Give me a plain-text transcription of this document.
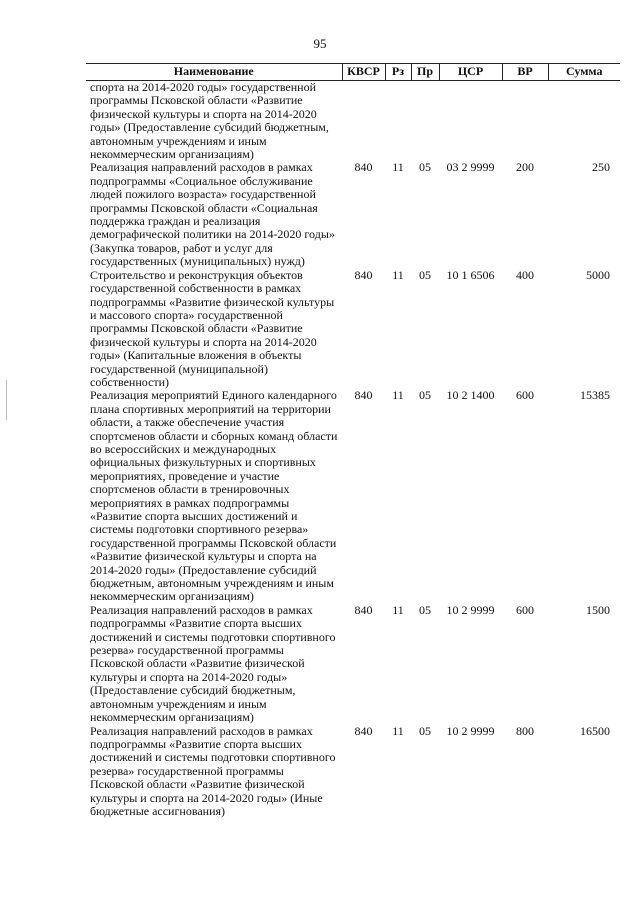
95
Наименование	КВСР	Рз	Пр	ЦСР	ВР	Сумма
спорта на 2014-2020 годы» государственной программы Псковской области «Развитие физической культуры и спорта на 2014-2020 годы» (Предоставление субсидий бюджетным, автономным учреждениям и иным некоммерческим организациям)						
Реализация направлений расходов в рамках подпрограммы «Социальное обслуживание людей пожилого возраста» государственной программы Псковской области «Социальная поддержка граждан и реализация демографической политики на 2014-2020 годы» (Закупка товаров, работ и услуг для государственных (муниципальных) нужд)	840	11	05	03 2 9999	200	250
Строительство и реконструкция объектов государственной собственности в рамках подпрограммы «Развитие физической культуры и массового спорта» государственной программы Псковской области «Развитие физической культуры и спорта на 2014-2020 годы» (Капитальные вложения в объекты государственной (муниципальной) собственности)	840	11	05	10 1 6506	400	5000
Реализация мероприятий Единого календарного плана спортивных мероприятий на территории области, а также обеспечение участия спортсменов области и сборных команд области во всероссийских и международных официальных физкультурных и спортивных мероприятиях, проведение и участие спортсменов области в тренировочных мероприятиях в рамках подпрограммы «Развитие спорта высших достижений и системы подготовки спортивного резерва» государственной программы Псковской области «Развитие физической культуры и спорта на 2014-2020 годы» (Предоставление субсидий бюджетным, автономным учреждениям и иным некоммерческим организациям)	840	11	05	10 2 1400	600	15385
Реализация направлений расходов в рамках подпрограммы «Развитие спорта высших достижений и системы подготовки спортивного резерва» государственной программы Псковской области «Развитие физической культуры и спорта на 2014-2020 годы» (Предоставление субсидий бюджетным, автономным учреждениям и иным некоммерческим организациям)	840	11	05	10 2 9999	600	1500
Реализация направлений расходов в рамках подпрограммы «Развитие спорта высших достижений и системы подготовки спортивного резерва» государственной программы Псковской области «Развитие физической культуры и спорта на 2014-2020 годы» (Иные бюджетные ассигнования)	840	11	05	10 2 9999	800	16500
